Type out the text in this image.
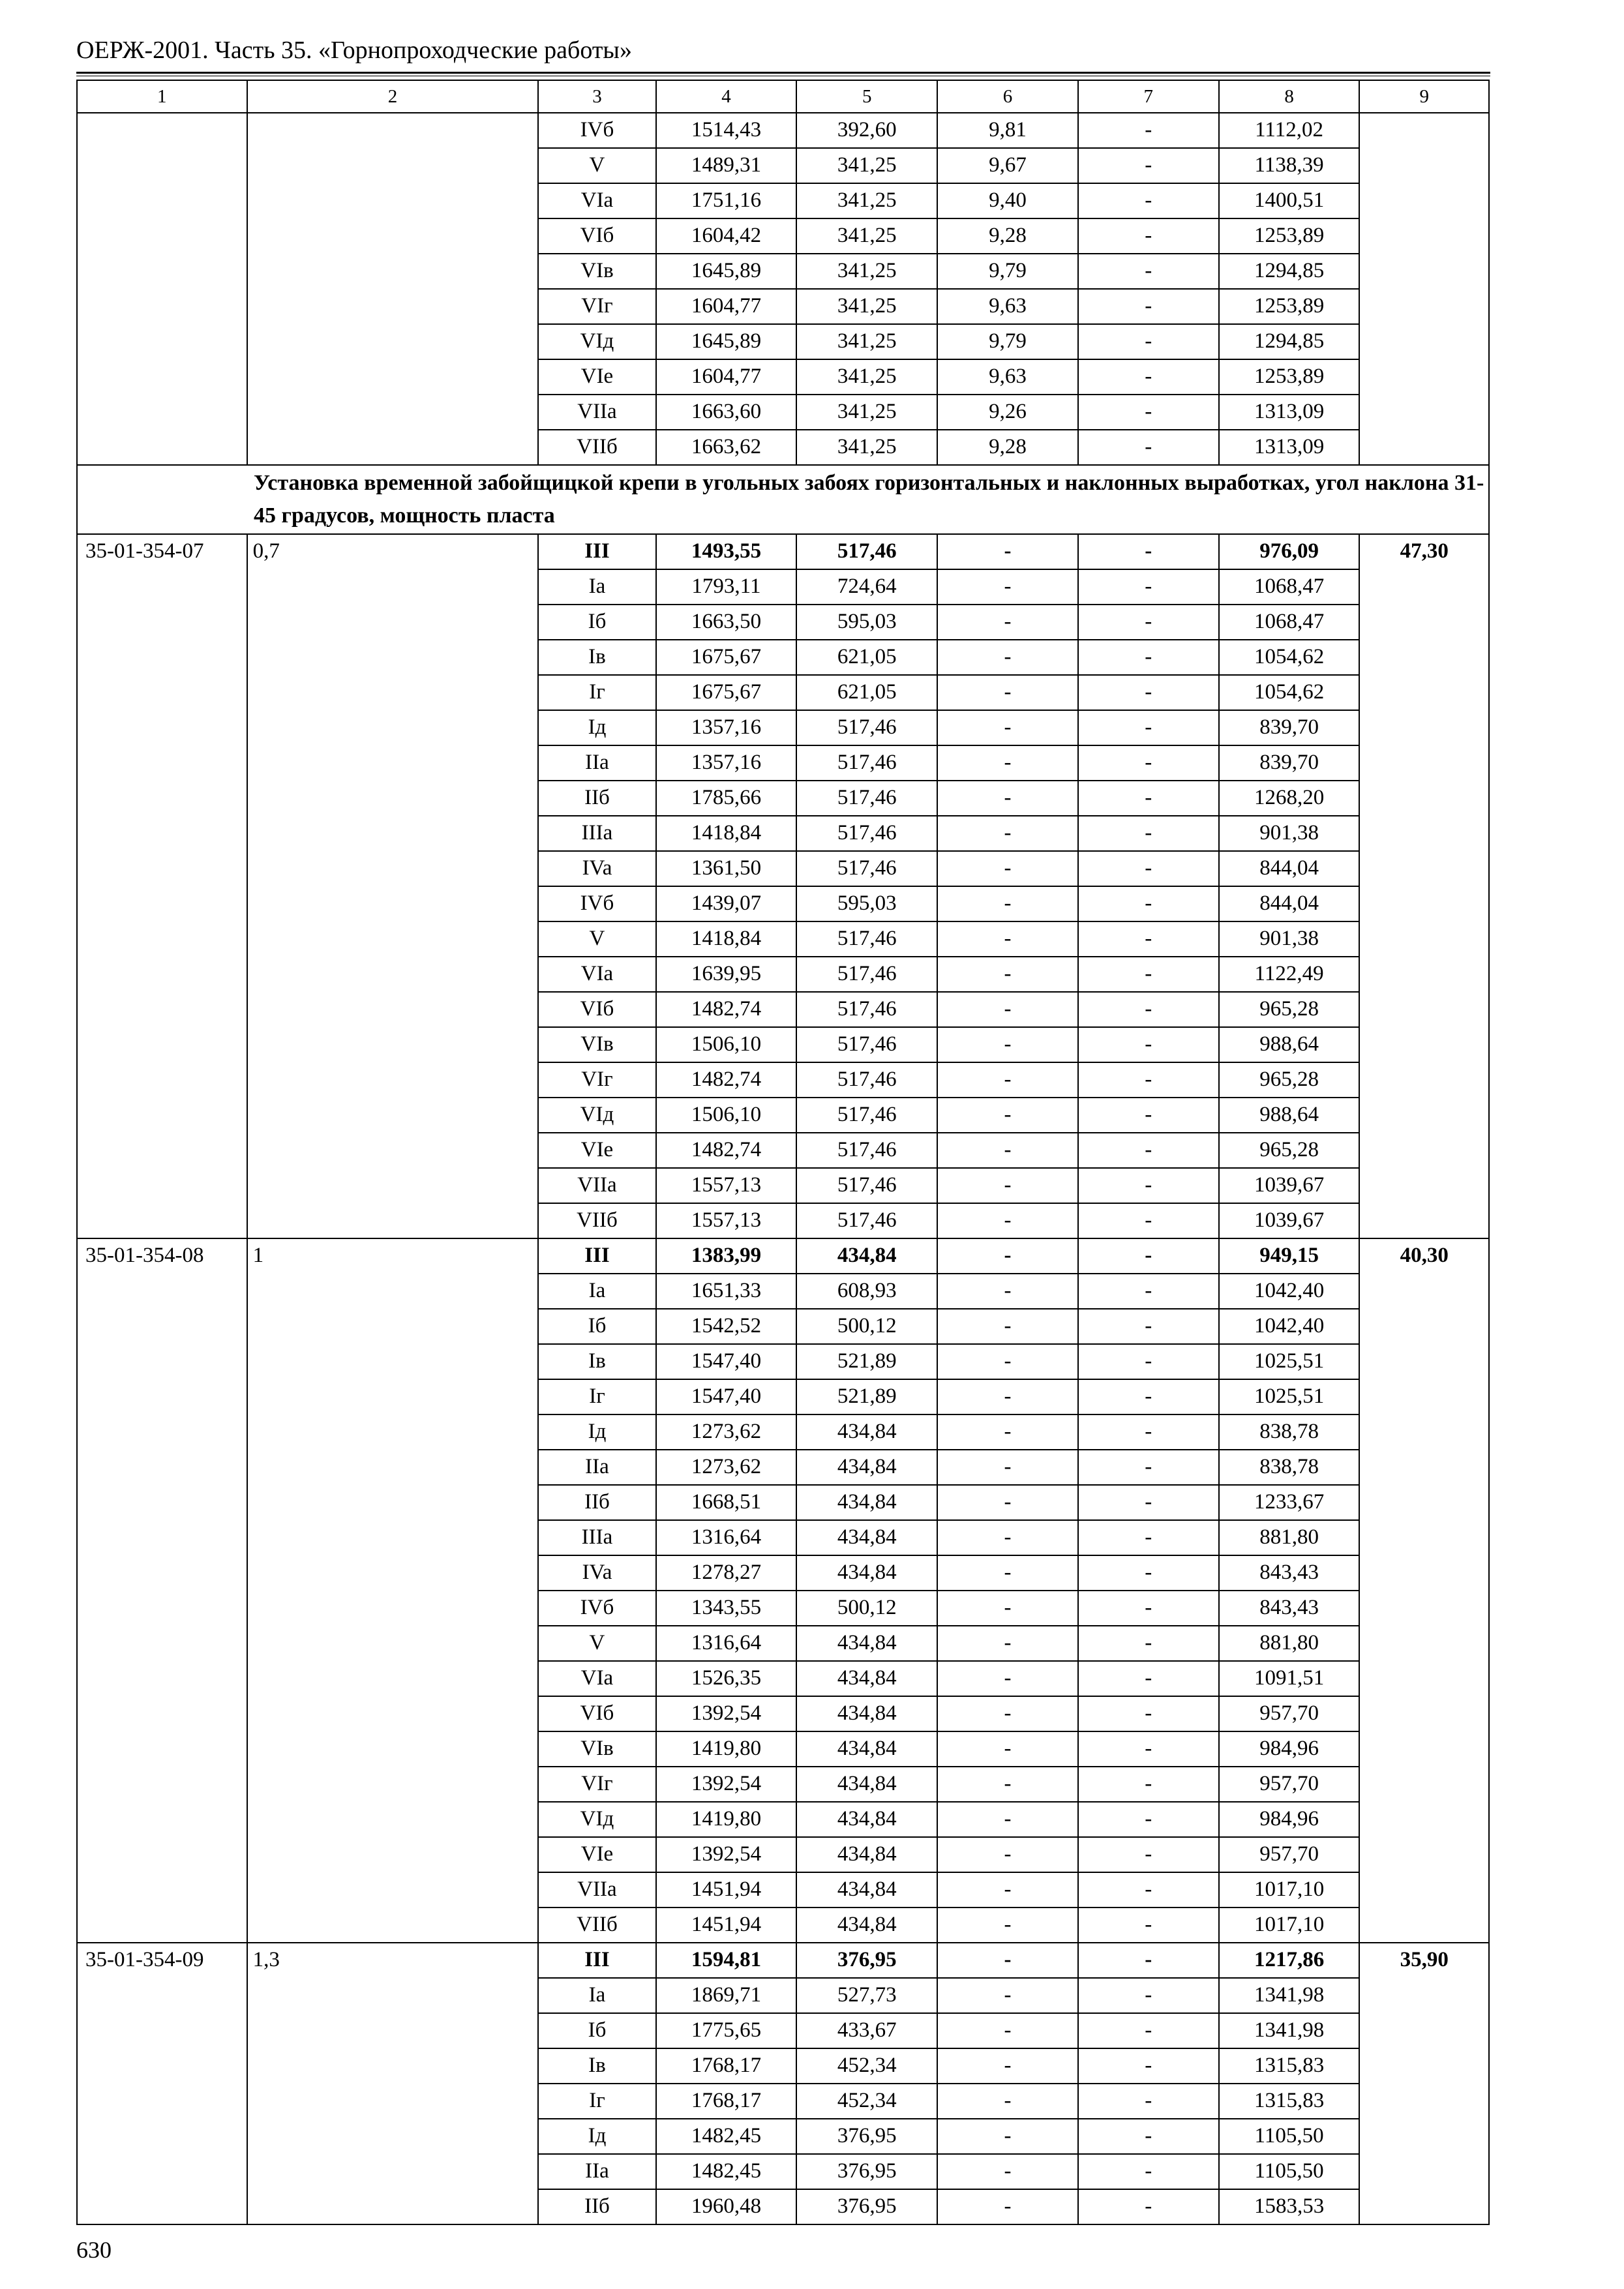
ОЕРЖ-2001. Часть 35. «Горнопроходческие работы»
1	2	3	4	5	6	7	8	9
		IVб	1514,43	392,60	9,81	-	1112,02	
		V	1489,31	341,25	9,67	-	1138,39	
		VIa	1751,16	341,25	9,40	-	1400,51	
		VIб	1604,42	341,25	9,28	-	1253,89	
		VIв	1645,89	341,25	9,79	-	1294,85	
		VIг	1604,77	341,25	9,63	-	1253,89	
		VIд	1645,89	341,25	9,79	-	1294,85	
		VIe	1604,77	341,25	9,63	-	1253,89	
		VIIa	1663,60	341,25	9,26	-	1313,09	
		VIIб	1663,62	341,25	9,28	-	1313,09	
Установка временной забойщицкой крепи в угольных забоях горизонтальных и наклонных выработках, угол наклона 31-45 градусов, мощность пласта								
35-01-354-07	0,7	III	1493,55	517,46	-	-	976,09	47,30
		Ia	1793,11	724,64	-	-	1068,47	
		Iб	1663,50	595,03	-	-	1068,47	
		Iв	1675,67	621,05	-	-	1054,62	
		Iг	1675,67	621,05	-	-	1054,62	
		Iд	1357,16	517,46	-	-	839,70	
		IIa	1357,16	517,46	-	-	839,70	
		IIб	1785,66	517,46	-	-	1268,20	
		IIIa	1418,84	517,46	-	-	901,38	
		IVa	1361,50	517,46	-	-	844,04	
		IVб	1439,07	595,03	-	-	844,04	
		V	1418,84	517,46	-	-	901,38	
		VIa	1639,95	517,46	-	-	1122,49	
		VIб	1482,74	517,46	-	-	965,28	
		VIв	1506,10	517,46	-	-	988,64	
		VIг	1482,74	517,46	-	-	965,28	
		VIд	1506,10	517,46	-	-	988,64	
		VIe	1482,74	517,46	-	-	965,28	
		VIIa	1557,13	517,46	-	-	1039,67	
		VIIб	1557,13	517,46	-	-	1039,67	
35-01-354-08	1	III	1383,99	434,84	-	-	949,15	40,30
		Ia	1651,33	608,93	-	-	1042,40	
		Iб	1542,52	500,12	-	-	1042,40	
		Iв	1547,40	521,89	-	-	1025,51	
		Iг	1547,40	521,89	-	-	1025,51	
		Iд	1273,62	434,84	-	-	838,78	
		IIa	1273,62	434,84	-	-	838,78	
		IIб	1668,51	434,84	-	-	1233,67	
		IIIa	1316,64	434,84	-	-	881,80	
		IVa	1278,27	434,84	-	-	843,43	
		IVб	1343,55	500,12	-	-	843,43	
		V	1316,64	434,84	-	-	881,80	
		VIa	1526,35	434,84	-	-	1091,51	
		VIб	1392,54	434,84	-	-	957,70	
		VIв	1419,80	434,84	-	-	984,96	
		VIг	1392,54	434,84	-	-	957,70	
		VIд	1419,80	434,84	-	-	984,96	
		VIe	1392,54	434,84	-	-	957,70	
		VIIa	1451,94	434,84	-	-	1017,10	
		VIIб	1451,94	434,84	-	-	1017,10	
35-01-354-09	1,3	III	1594,81	376,95	-	-	1217,86	35,90
		Ia	1869,71	527,73	-	-	1341,98	
		Iб	1775,65	433,67	-	-	1341,98	
		Iв	1768,17	452,34	-	-	1315,83	
		Iг	1768,17	452,34	-	-	1315,83	
		Iд	1482,45	376,95	-	-	1105,50	
		IIa	1482,45	376,95	-	-	1105,50	
		IIб	1960,48	376,95	-	-	1583,53	
630
